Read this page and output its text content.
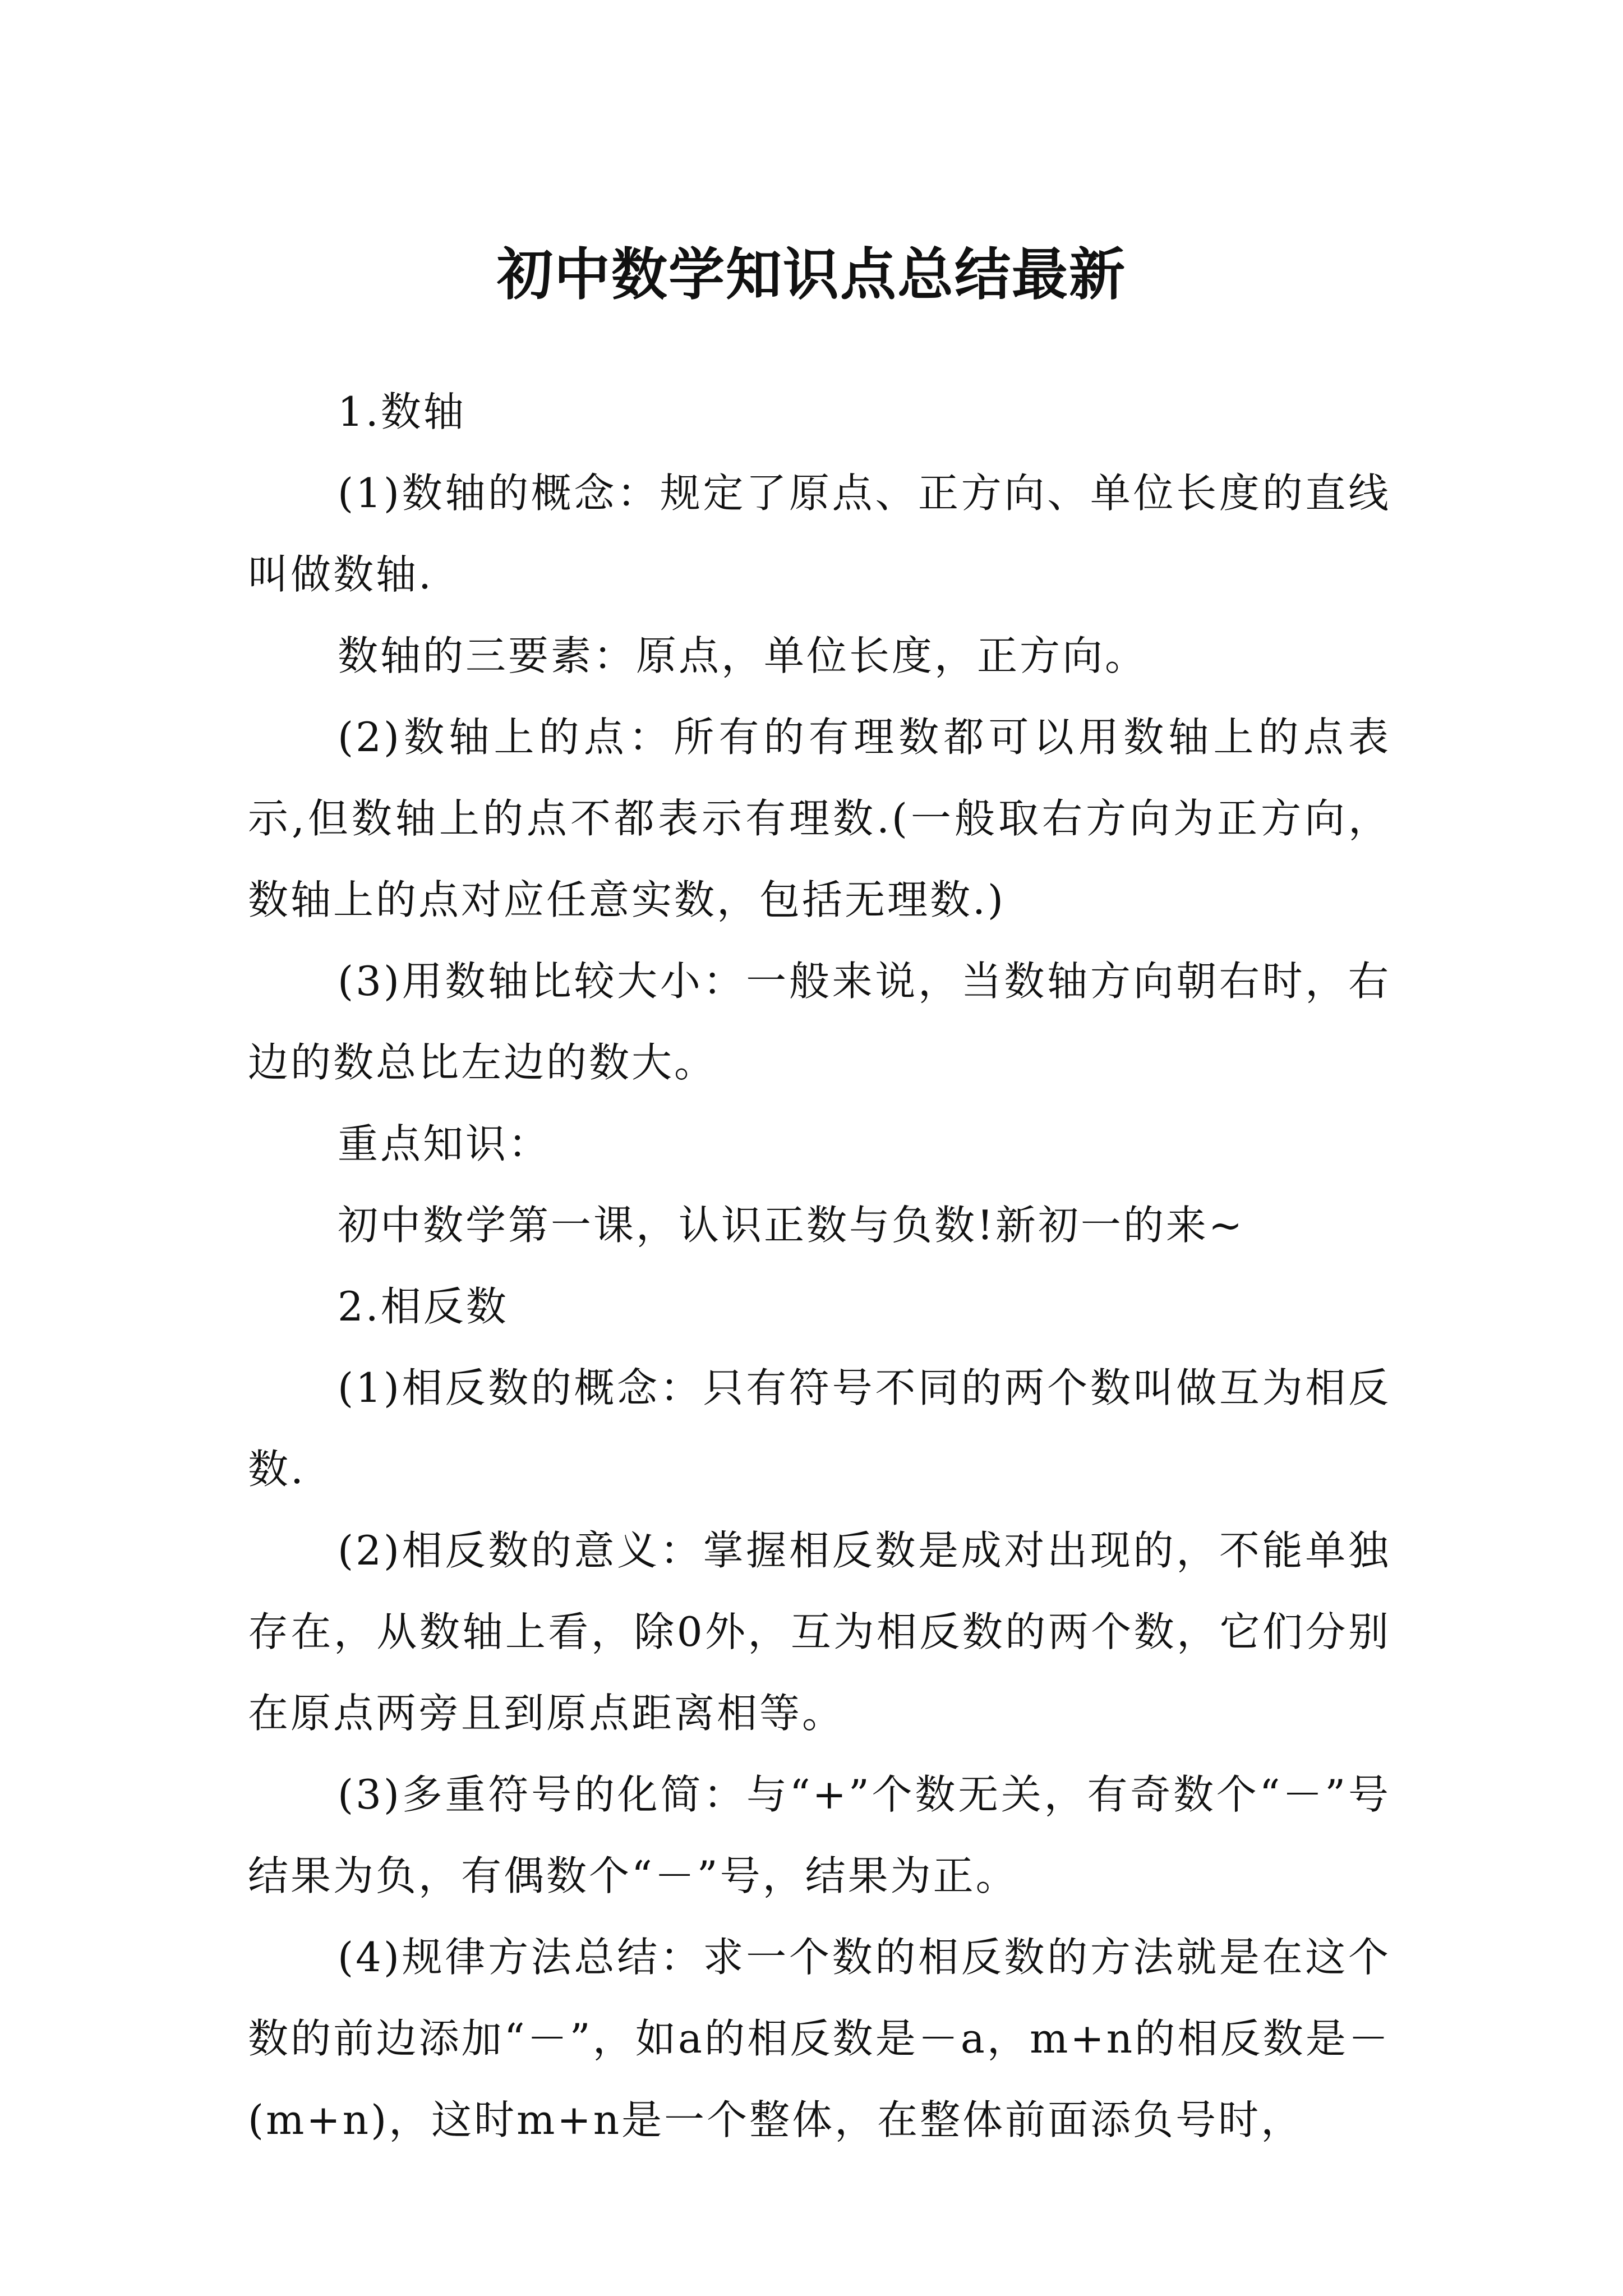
初中数学知识点总结最新

1.数轴

(1)数轴的概念：规定了原点、正方向、单位长度的直线叫做数轴.

数轴的三要素：原点，单位长度，正方向。

(2)数轴上的点：所有的有理数都可以用数轴上的点表示,但数轴上的点不都表示有理数.(一般取右方向为正方向，数轴上的点对应任意实数，包括无理数.)

(3)用数轴比较大小：一般来说，当数轴方向朝右时，右边的数总比左边的数大。

重点知识：

初中数学第一课，认识正数与负数!新初一的来~

2.相反数

(1)相反数的概念：只有符号不同的两个数叫做互为相反数.

(2)相反数的意义：掌握相反数是成对出现的，不能单独存在，从数轴上看，除0外，互为相反数的两个数，它们分别在原点两旁且到原点距离相等。

(3)多重符号的化简：与“+”个数无关，有奇数个“－”号结果为负，有偶数个“－”号，结果为正。

(4)规律方法总结：求一个数的相反数的方法就是在这个数的前边添加“－”，如a的相反数是－a，m+n的相反数是－(m+n)，这时m+n是一个整体，在整体前面添负号时，
